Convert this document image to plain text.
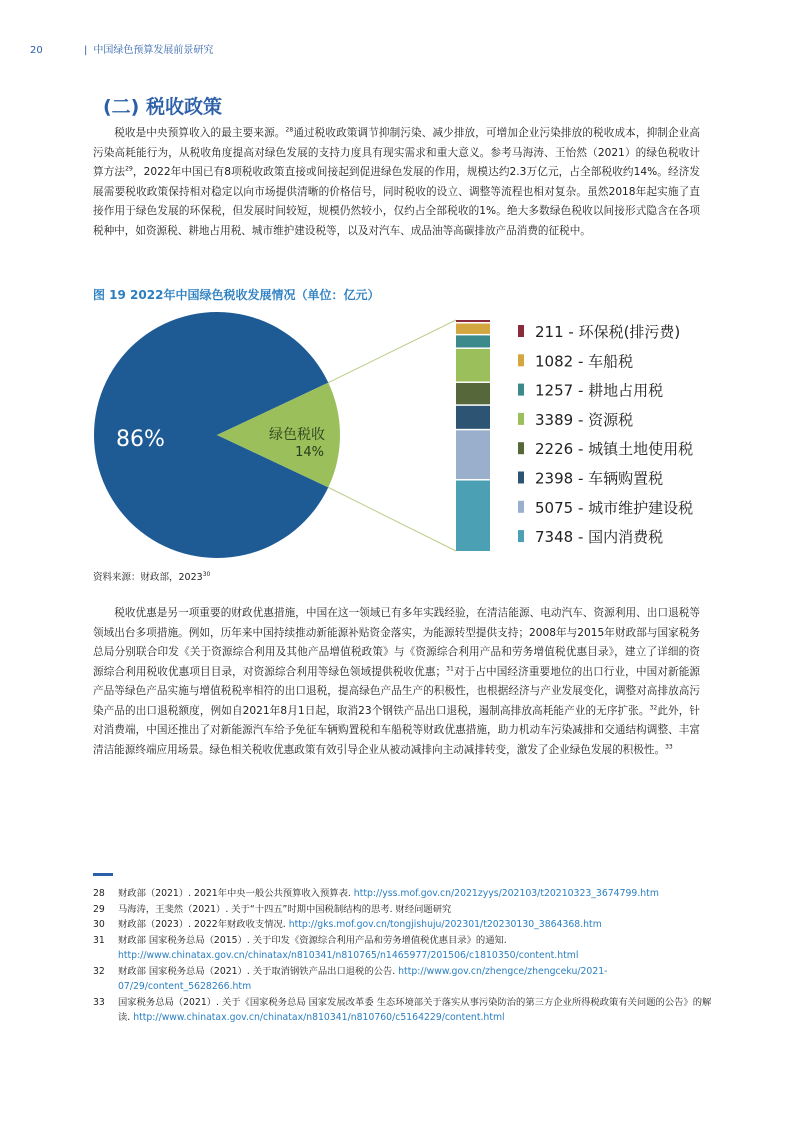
20	| 中国绿色预算发展前景研究
(二) 税收政策

税收是中央预算收入的最主要来源。$^{28}$通过税收政策调节抑制污染、减少排放，可增加企业污染排放的税收成本，抑制企业高污染高耗能行为，从税收角度提高对绿色发展的支持力度具有现实需求和重大意义。参考马海涛、王怡然（2021）的绿色税收计算方法$^{29}$，2022年中国已有8项税收政策直接或间接起到促进绿色发展的作用，规模达约2.3万亿元，占全部税收约14%。经济发展需要税收政策保持相对稳定以向市场提供清晰的价格信号，同时税收的设立、调整等流程也相对复杂。虽然2018年起实施了直接作用于绿色发展的环保税，但发展时间较短，规模仍然较小，仅约占全部税收的1%。绝大多数绿色税收以间接形式隐含在各项税种中，如资源税、耕地占用税、城市维护建设税等，以及对汽车、成品油等高碳排放产品消费的征税中。

图 19 2022年中国绿色税收发展情况（单位：亿元）
86%	绿色税收
14%
211 - 环保税(排污费)
1082 - 车船税
1257 - 耕地占用税
3389 - 资源税
2226 - 城镇土地使用税
2398 - 车辆购置税
5075 - 城市维护建设税
7348 - 国内消费税
资料来源：财政部，2023$^{30}$

税收优惠是另一项重要的财政优惠措施，中国在这一领域已有多年实践经验，在清洁能源、电动汽车、资源利用、出口退税等领域出台多项措施。例如，历年来中国持续推动新能源补贴资金落实，为能源转型提供支持；2008年与2015年财政部与国家税务总局分别联合印发《关于资源综合利用及其他产品增值税政策》与《资源综合利用产品和劳务增值税优惠目录》，建立了详细的资源综合利用税收优惠项目目录，对资源综合利用等绿色领域提供税收优惠；$^{31}$对于占中国经济重要地位的出口行业，中国对新能源产品等绿色产品实施与增值税税率相符的出口退税，提高绿色产品生产的积极性，也根据经济与产业发展变化，调整对高排放高污染产品的出口退税额度，例如自2021年8月1日起，取消23个钢铁产品出口退税，遏制高排放高耗能产业的无序扩张。$^{32}$此外，针对消费端，中国还推出了对新能源汽车给予免征车辆购置税和车船税等财政优惠措施，助力机动车污染减排和交通结构调整、丰富清洁能源终端应用场景。绿色相关税收优惠政策有效引导企业从被动减排向主动减排转变，激发了企业绿色发展的积极性。$^{33}$

28	财政部（2021）. 2021年中央一般公共预算收入预算表. http://yss.mof.gov.cn/2021zyys/202103/t20210323_3674799.htm
29	马海涛，王斐然（2021）. 关于“十四五”时期中国税制结构的思考. 财经问题研究
30	财政部（2023）. 2022年财政收支情况. http://gks.mof.gov.cn/tongjishuju/202301/t20230130_3864368.htm
31	财政部 国家税务总局（2015）. 关于印发《资源综合利用产品和劳务增值税优惠目录》的通知. http://www.chinatax.gov.cn/chinatax/n810341/n810765/n1465977/201506/c1810350/content.html
32	财政部 国家税务总局（2021）. 关于取消钢铁产品出口退税的公告. http://www.gov.cn/zhengce/zhengceku/2021-07/29/content_5628266.htm
33	国家税务总局（2021）. 关于《国家税务总局 国家发展改革委 生态环境部关于落实从事污染防治的第三方企业所得税政策有关问题的公告》的解读. http://www.chinatax.gov.cn/chinatax/n810341/n810760/c5164229/content.html
